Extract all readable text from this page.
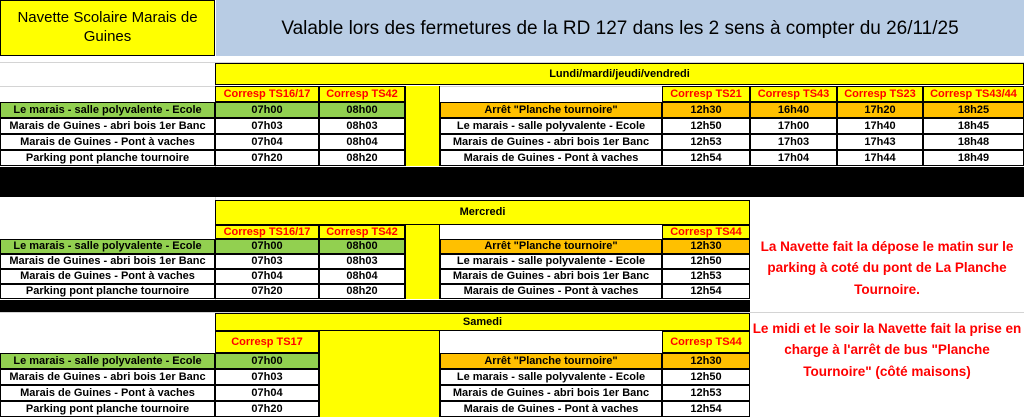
Navette Scolaire Marais de Guines	Valable lors des fermetures de la RD 127 dans les 2 sens à compter du 26/11/25
Lundi/mardi/jeudi/vendredi
Corresp TS16/17	Corresp TS42	Corresp TS21	Corresp TS43	Corresp TS23	Corresp TS43/44
Le marais - salle polyvalente - Ecole	07h00	08h00	Arrêt "Planche tournoire"	12h30	16h40	17h20	18h25
Marais de Guines - abri bois 1er Banc	07h03	08h03	Le marais - salle polyvalente - Ecole	12h50	17h00	17h40	18h45
Marais de Guines - Pont à vaches	07h04	08h04	Marais de Guines - abri bois 1er Banc	12h53	17h03	17h43	18h48
Parking pont planche tournoire	07h20	08h20	Marais de Guines - Pont à vaches	12h54	17h04	17h44	18h49
Mercredi
Corresp TS16/17	Corresp TS42	Corresp TS44
Le marais - salle polyvalente - Ecole	07h00	08h00	Arrêt "Planche tournoire"	12h30
Marais de Guines - abri bois 1er Banc	07h03	08h03	Le marais - salle polyvalente - Ecole	12h50
Marais de Guines - Pont à vaches	07h04	08h04	Marais de Guines - abri bois 1er Banc	12h53
Parking pont planche tournoire	07h20	08h20	Marais de Guines - Pont à vaches	12h54
Samedi
Corresp TS17	Corresp TS44
Le marais - salle polyvalente - Ecole	07h00	Arrêt "Planche tournoire"	12h30
Marais de Guines - abri bois 1er Banc	07h03	Le marais - salle polyvalente - Ecole	12h50
Marais de Guines - Pont à vaches	07h04	Marais de Guines - abri bois 1er Banc	12h53
Parking pont planche tournoire	07h20	Marais de Guines - Pont à vaches	12h54
La Navette fait la dépose le matin sur le parking à coté du pont de La Planche Tournoire.
Le midi et le soir la Navette fait la prise en charge à l'arrêt de bus "Planche Tournoire" (côté maisons)
